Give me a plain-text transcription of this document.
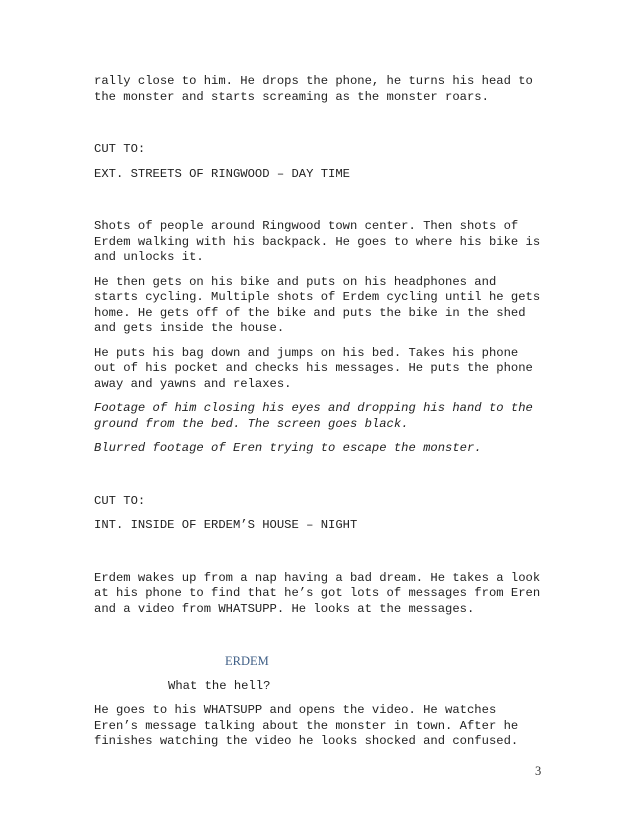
rally close to him. He drops the phone, he turns his head to the monster and starts screaming as the monster roars.

CUT TO:

EXT. STREETS OF RINGWOOD – DAY TIME

Shots of people around Ringwood town center. Then shots of Erdem walking with his backpack. He goes to where his bike is and unlocks it.

He then gets on his bike and puts on his headphones and starts cycling. Multiple shots of Erdem cycling until he gets home. He gets off of the bike and puts the bike in the shed and gets inside the house.

He puts his bag down and jumps on his bed. Takes his phone out of his pocket and checks his messages. He puts the phone away and yawns and relaxes.

Footage of him closing his eyes and dropping his hand to the ground from the bed. The screen goes black.

Blurred footage of Eren trying to escape the monster.

CUT TO:

INT. INSIDE OF ERDEM’S HOUSE – NIGHT

Erdem wakes up from a nap having a bad dream. He takes a look at his phone to find that he’s got lots of messages from Eren and a video from WHATSUPP. He looks at the messages.

ERDEM

What the hell?

He goes to his WHATSUPP and opens the video. He watches Eren’s message talking about the monster in town. After he finishes watching the video he looks shocked and confused.

3
